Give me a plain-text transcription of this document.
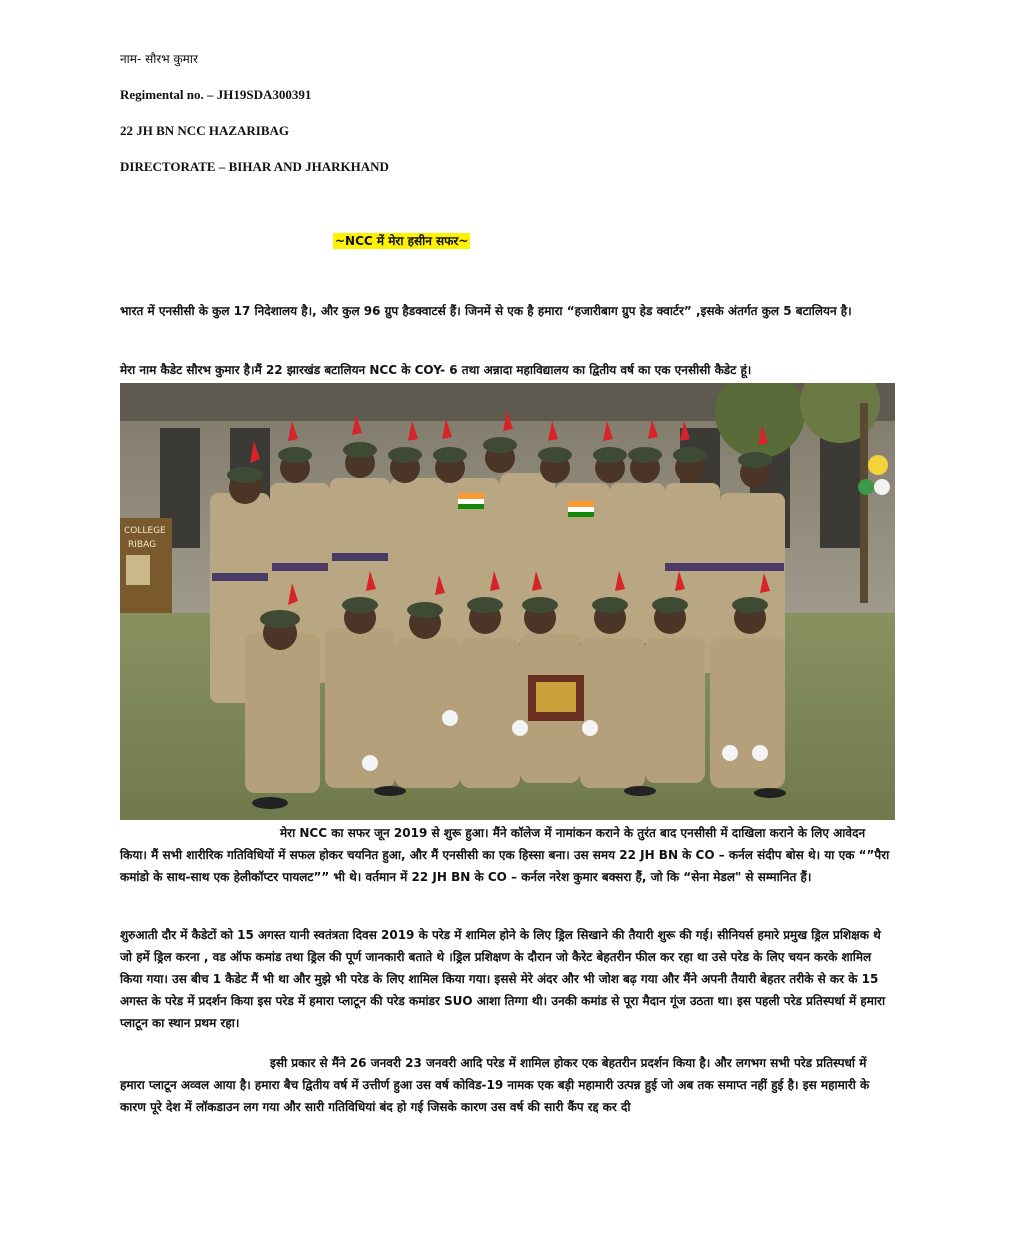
नाम- सौरभ कुमार
Regimental no. – JH19SDA300391
22 JH BN NCC HAZARIBAG
DIRECTORATE – BIHAR AND JHARKHAND
~NCC में मेरा हसीन सफर~

भारत में एनसीसी के कुल 17 निदेशालय है।, और कुल 96 ग्रुप हैडक्वाटर्स हैं। जिनमें से एक है हमारा “हजारीबाग ग्रुप हेड क्वार्टर” ,इसके अंतर्गत कुल 5 बटालियन है।

मेरा नाम कैडेट सौरभ कुमार है।मैं 22 झारखंड बटालियन NCC के COY- 6 तथा अन्नादा महाविद्यालय का द्वितीय वर्ष का एक एनसीसी कैडेट हूं।

COLLEGE
RIBAG

मेरा NCC का सफर जून 2019 से शुरू हुआ। मैंने कॉलेज में नामांकन कराने के तुरंत बाद एनसीसी में दाखिला कराने के लिए आवेदन किया। मैं सभी शारीरिक गतिविधियों में सफल होकर चयनित हुआ, और मैं एनसीसी का एक हिस्सा बना। उस समय 22 JH BN के CO – कर्नल संदीप बोस थे। या एक “”पैरा कमांडो के साथ-साथ एक हेलीकॉप्टर पायलट”” भी थे। वर्तमान में 22 JH BN के CO – कर्नल नरेश कुमार बक्सरा हैं, जो कि “सेना मेडल" से सम्मानित हैं।

शुरुआती दौर में कैडेटों को 15 अगस्त यानी स्वतंत्रता दिवस 2019 के परेड में शामिल होने के लिए ड्रिल सिखाने की तैयारी शुरू की गई। सीनियर्स हमारे प्रमुख ड्रिल प्रशिक्षक थे जो हमें ड्रिल करना , वड ऑफ कमांड तथा ड्रिल की पूर्ण जानकारी बताते थे ।ड्रिल प्रशिक्षण के दौरान जो कैरेट बेहतरीन फील कर रहा था उसे परेड के लिए चयन करके शामिल किया गया। उस बीच 1 कैडेट मैं भी था और मुझे भी परेड के लिए शामिल किया गया। इससे मेरे अंदर और भी जोश बढ़ गया और मैंने अपनी तैयारी बेहतर तरीके से कर के 15 अगस्त के परेड में प्रदर्शन किया इस परेड में हमारा प्लाटून की परेड कमांडर SUO आशा तिग्गा थी। उनकी कमांड से पूरा मैदान गूंज उठता था। इस पहली परेड प्रतिस्पर्धा में हमारा प्लाटून का स्थान प्रथम रहा।

इसी प्रकार से मैंने 26 जनवरी 23 जनवरी आदि परेड में शामिल होकर एक बेहतरीन प्रदर्शन किया है। और लगभग सभी परेड प्रतिस्पर्धा में हमारा प्लाटून अव्वल आया है। हमारा बैच द्वितीय वर्ष में उत्तीर्ण हुआ उस वर्ष कोविड-19 नामक एक बड़ी महामारी उत्पन्न हुई जो अब तक समाप्त नहीं हुई है। इस महामारी के कारण पूरे देश में लॉकडाउन लग गया और सारी गतिविधियां बंद हो गई जिसके कारण उस वर्ष की सारी कैंप रद्द कर दी
